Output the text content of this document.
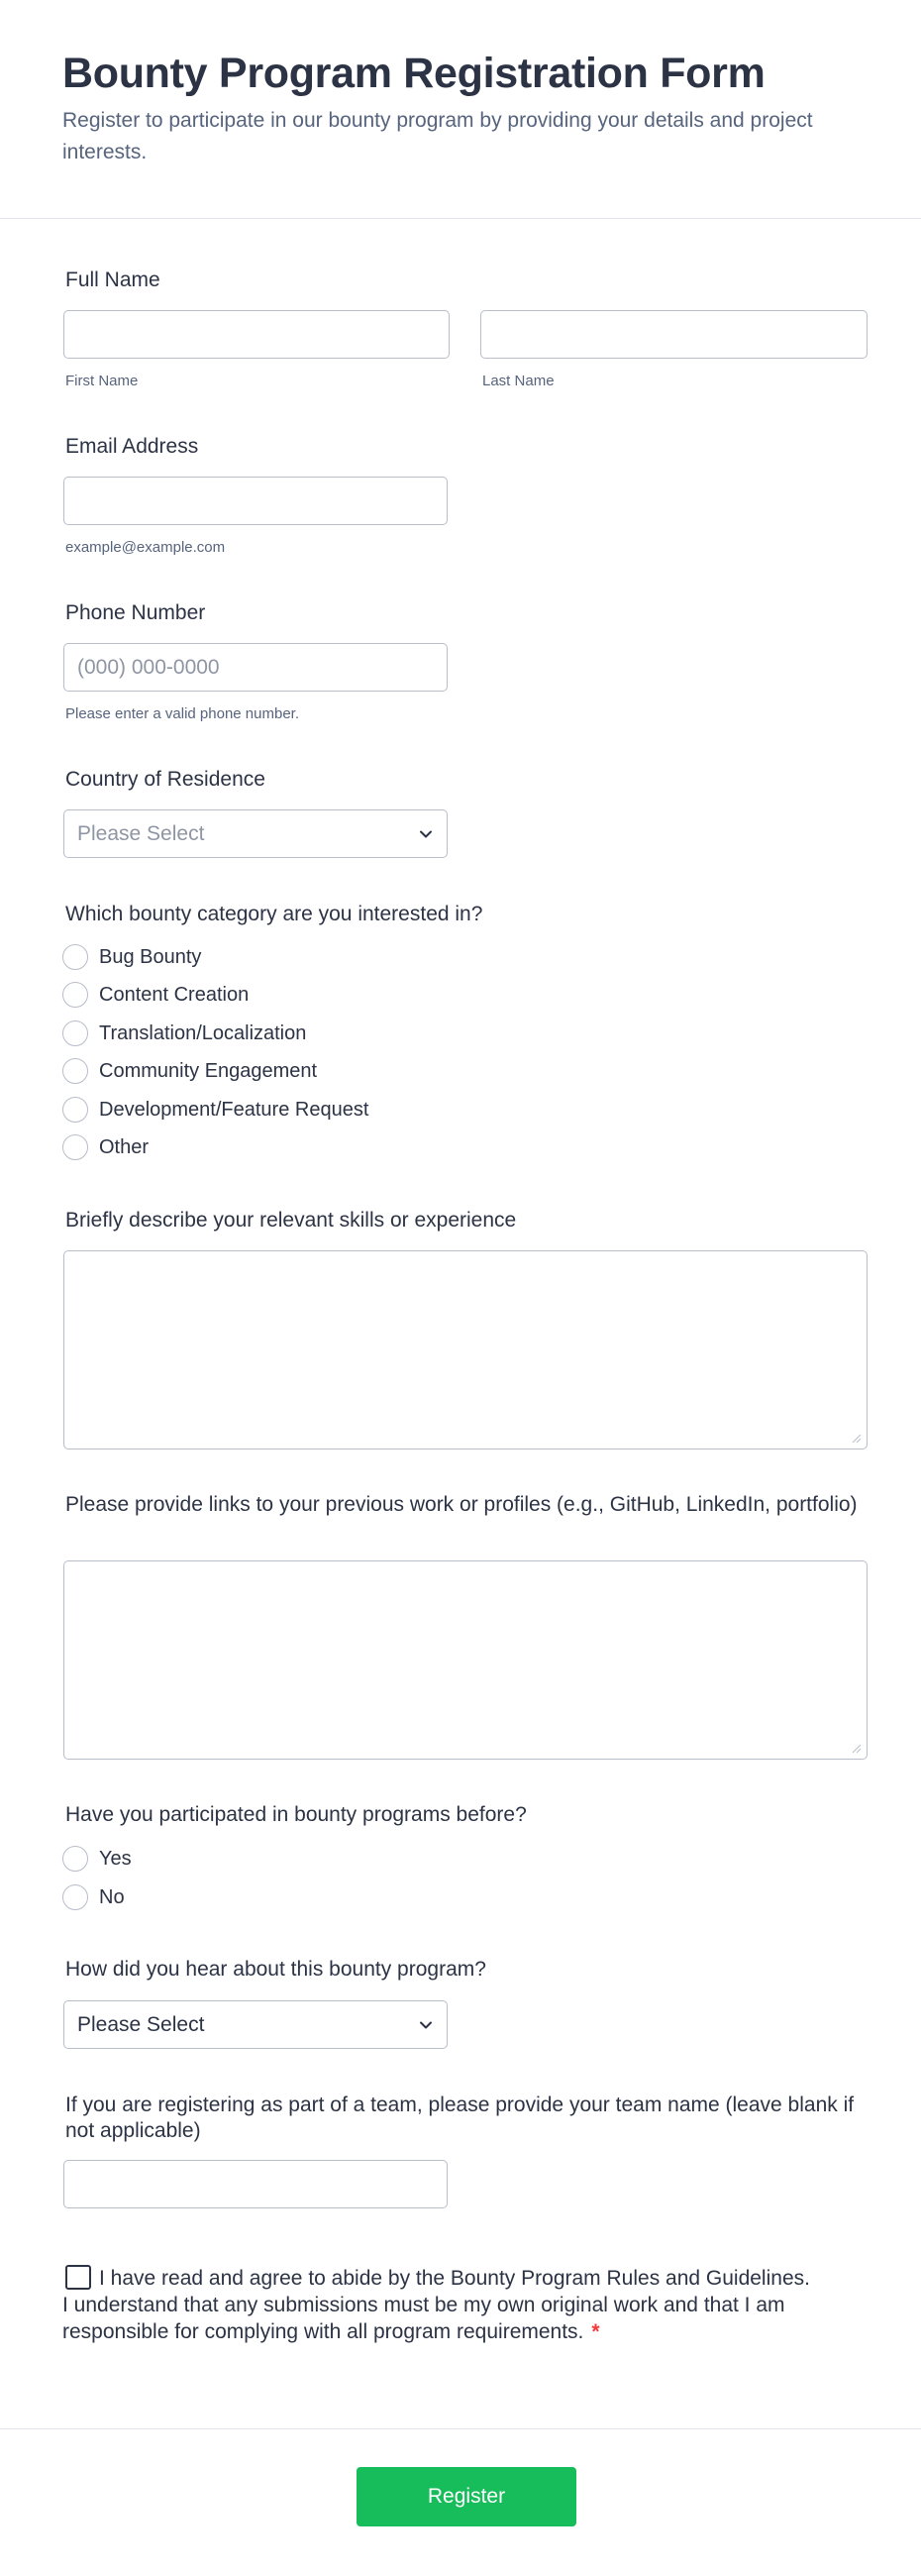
Bounty Program Registration Form

Register to participate in our bounty program by providing your details and project interests.

Full Name
First Name	Last Name
Email Address
example@example.com
Phone Number
(000) 000-0000
Please enter a valid phone number.
Country of Residence
Please Select
Which bounty category are you interested in?
Bug Bounty
Content Creation
Translation/Localization
Community Engagement
Development/Feature Request
Other
Briefly describe your relevant skills or experience
Please provide links to your previous work or profiles (e.g., GitHub, LinkedIn, portfolio)
Have you participated in bounty programs before?
Yes
No
How did you hear about this bounty program?
Please Select
If you are registering as part of a team, please provide your team name (leave blank if not applicable)
I have read and agree to abide by the Bounty Program Rules and Guidelines. I understand that any submissions must be my own original work and that I am responsible for complying with all program requirements. *
Register
